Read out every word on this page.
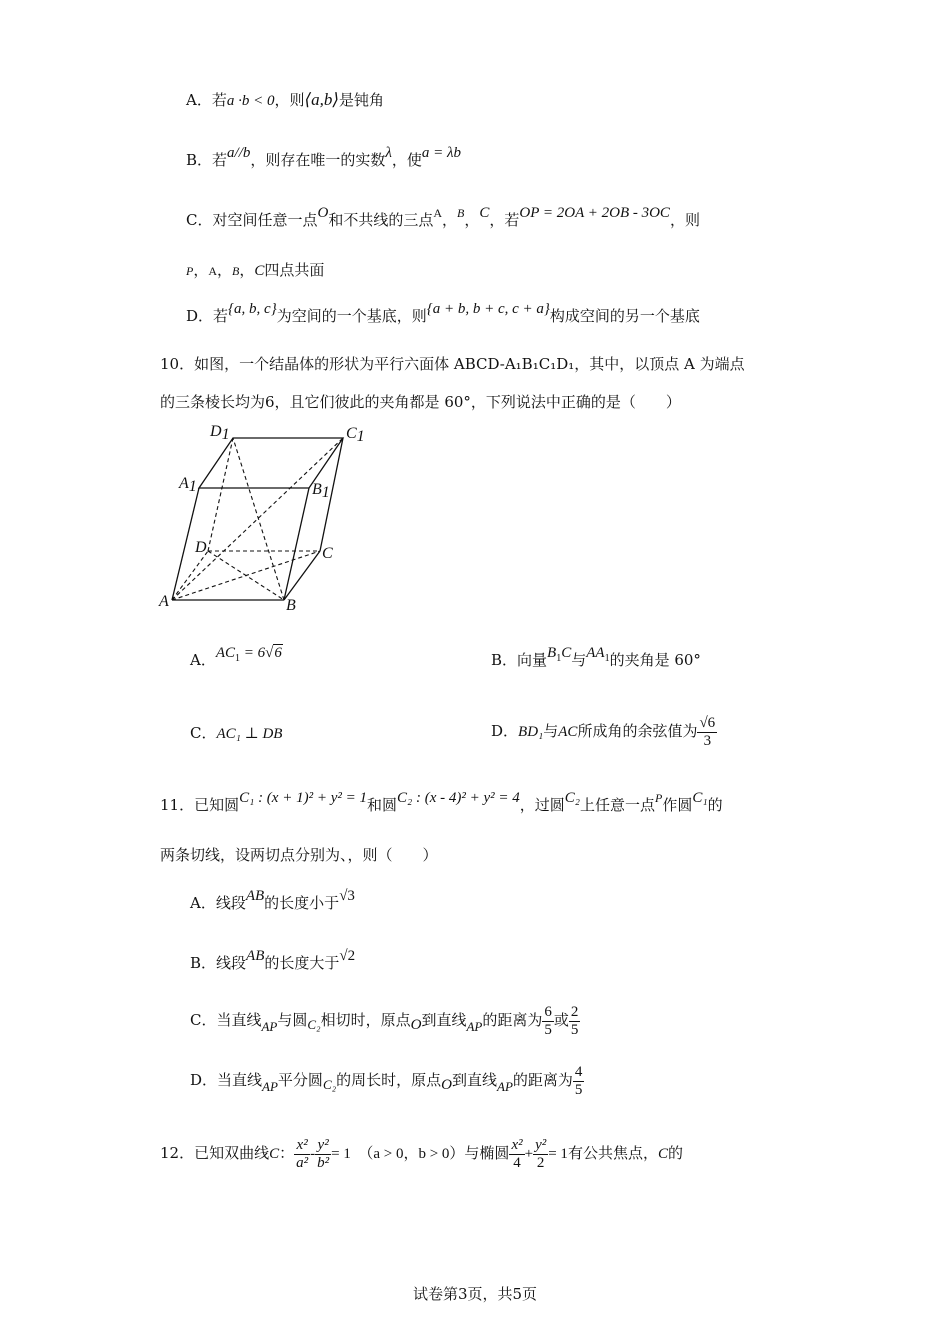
A．若a ·b < 0，则⟨a,b⟩是钝角
B．若a//b，则存在唯一的实数λ，使a = λb
C．对空间任意一点O和不共线的三点$^A$，$^B$，C，若OP = 2OA + 2OB - 3OC，则
P，A，B，C四点共面
D．若{a, b, c}为空间的一个基底，则{a + b, b + c, c + a}构成空间的另一个基底
10．如图，一个结晶体的形状为平行六面体 ABCD-A₁B₁C₁D₁，其中，以顶点 A 为端点
的三条棱长均为6，且它们彼此的夹角都是 60°，下列说法中正确的是（　　）
D1	C1
A1	B1
D	C
A	B
A．$AC_1 = 6√6$	B．向量$B_1C$与$AA_1$的夹角是 60°
C．AC₁ ⊥ DB	D．BD₁与AC所成角的余弦值为 $\frac{√6}{3}$
11．已知圆C₁ : (x + 1)² + y² = 1和圆C₂ : (x - 4)² + y² = 4，过圆C₂上任意一点$^P$作圆C₁的
两条切线，设两切点分别为、，则（　　）
A．线段AB的长度小于√3
B．线段AB的长度大于√2
C．当直线AP与圆C₂相切时，原点O到直线AP的距离为 $\frac{6}{5}$ 或 $\frac{2}{5}$
D．当直线AP平分圆C₂的周长时，原点O到直线AP的距离为 $\frac{4}{5}$
12．已知双曲线C： $\frac{\text{x²}}{\text{a²}} - \frac{\text{y²}}{\text{b²}} = 1$　 （a > 0，b > 0）与椭圆 $\frac{\text{x²}}{4} + \frac{\text{y²}}{2} = 1$有公共焦点，C的
试卷第3页，共5页
